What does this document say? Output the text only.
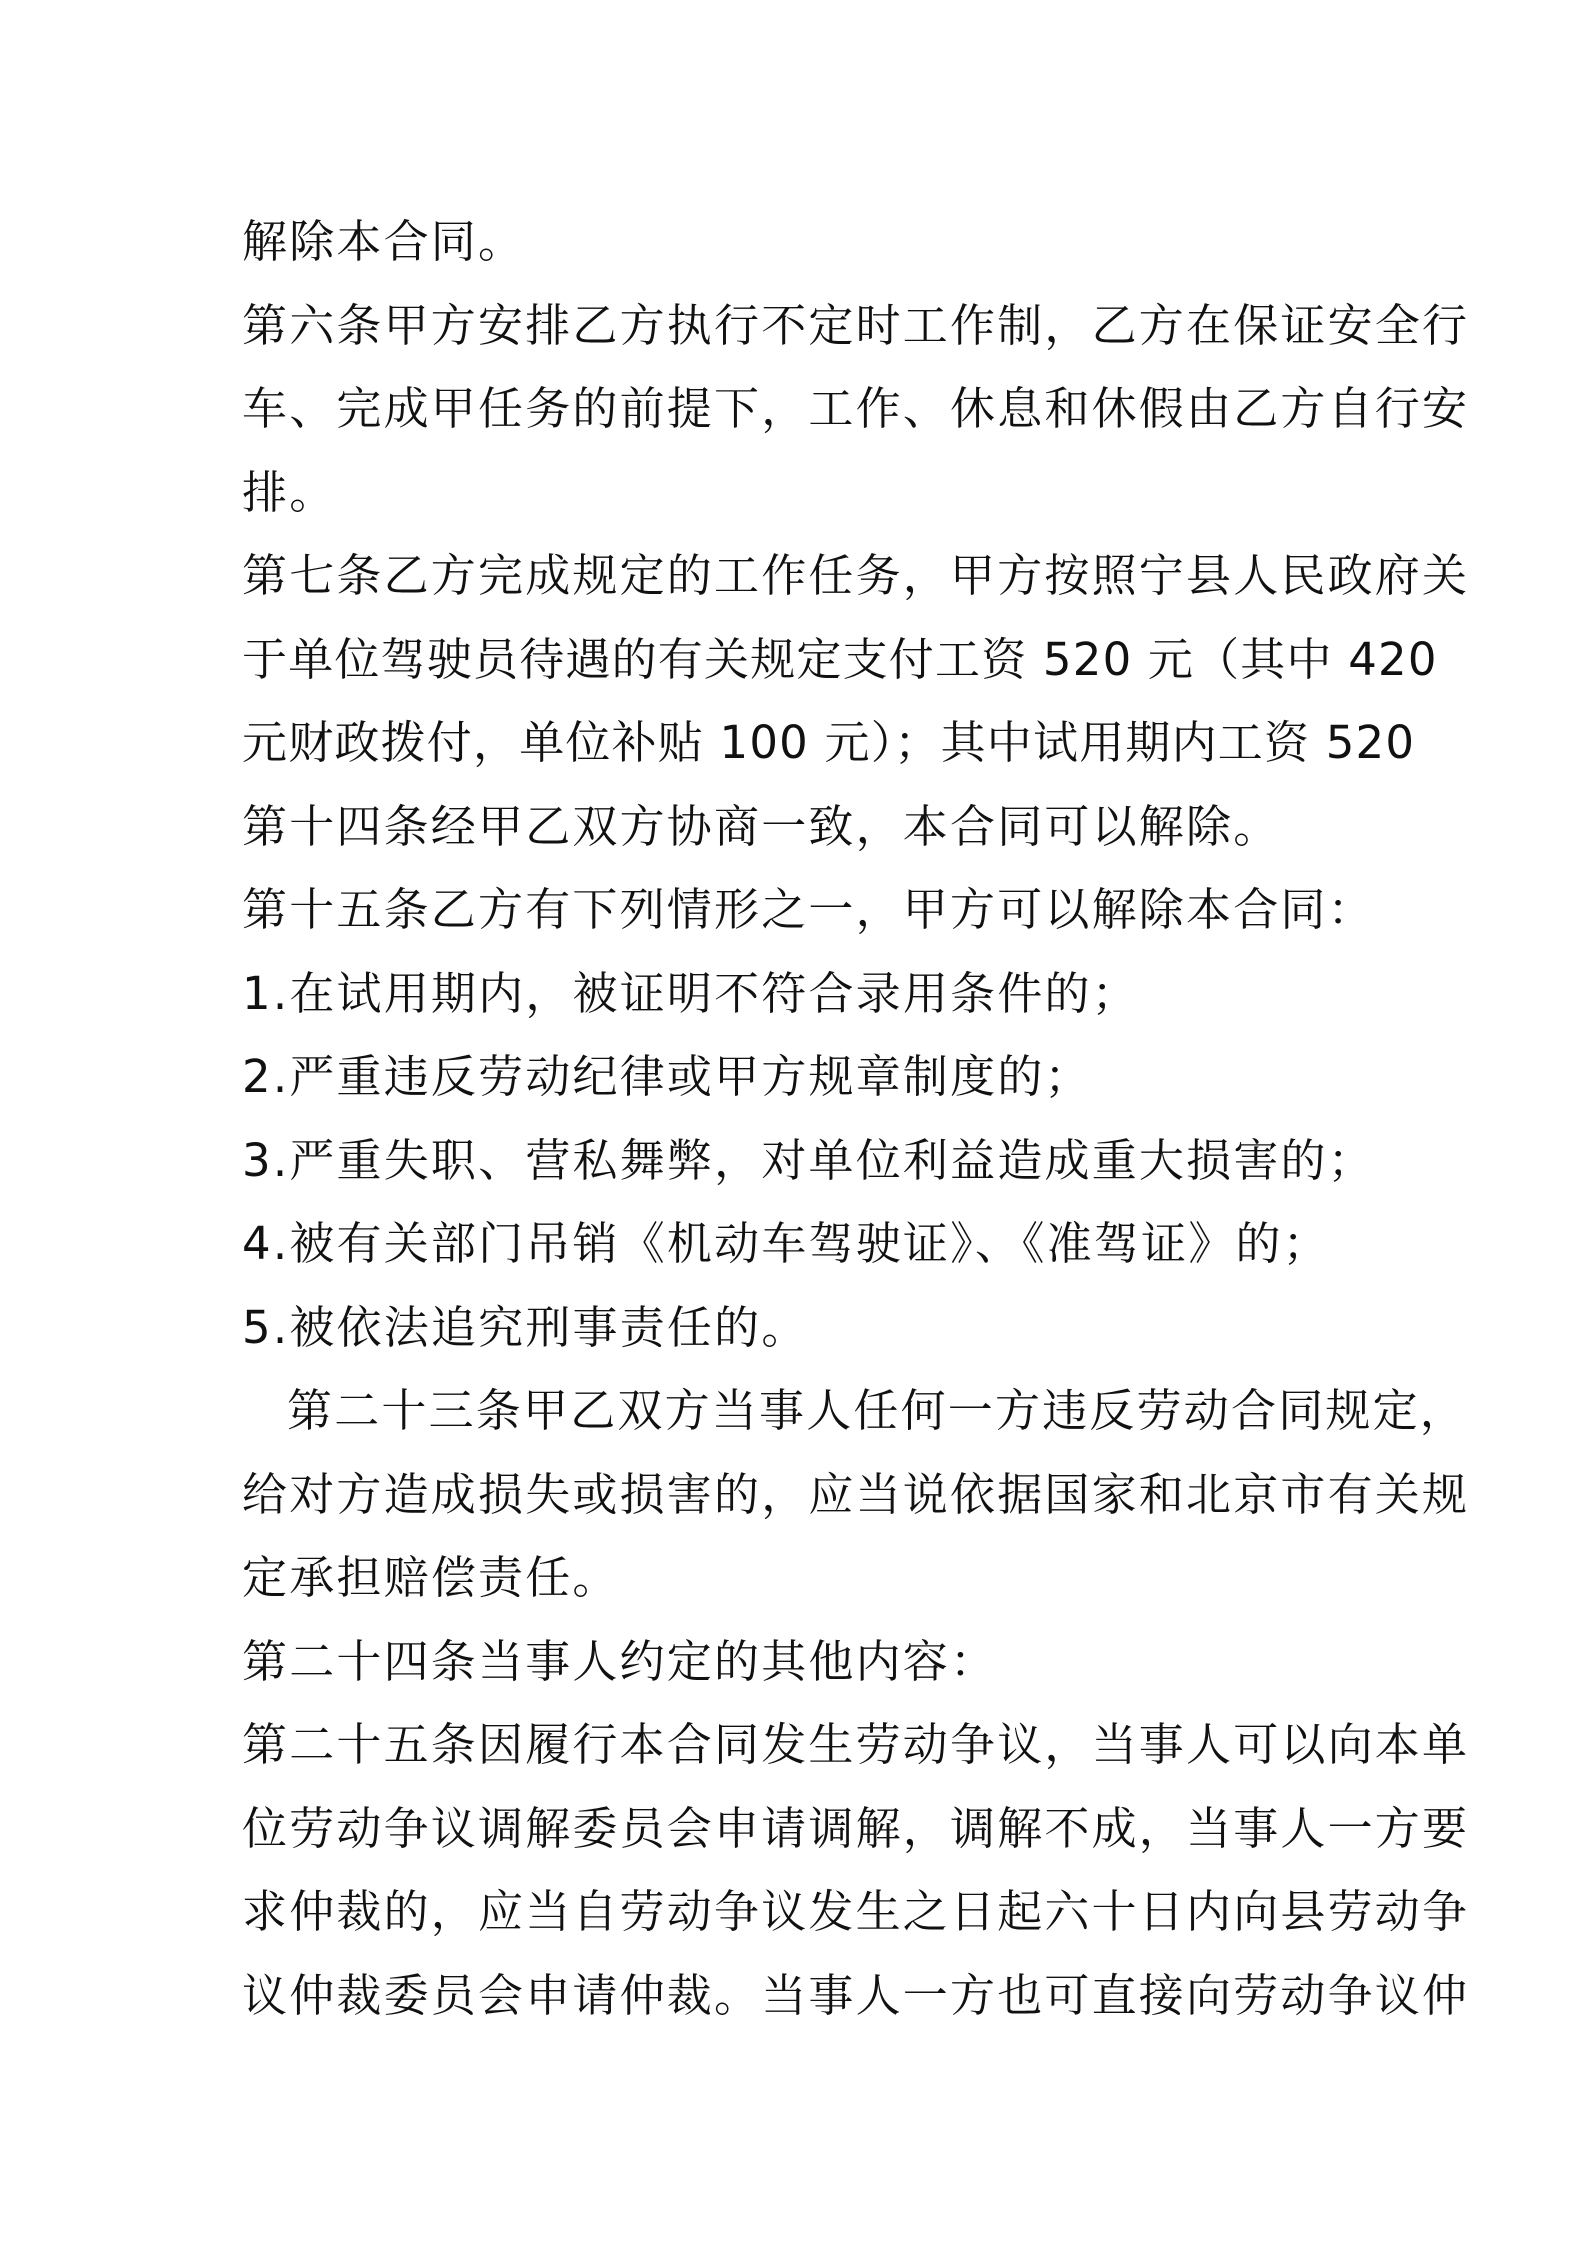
解除本合同。
第六条甲方安排乙方执行不定时工作制，乙方在保证安全行
车、完成甲任务的前提下，工作、休息和休假由乙方自行安
排。
第七条乙方完成规定的工作任务，甲方按照宁县人民政府关
于单位驾驶员待遇的有关规定支付工资 520 元（其中 420
元财政拨付，单位补贴 100 元）；其中试用期内工资 520
第十四条经甲乙双方协商一致，本合同可以解除。
第十五条乙方有下列情形之一，甲方可以解除本合同：
1.在试用期内，被证明不符合录用条件的；
2.严重违反劳动纪律或甲方规章制度的；
3.严重失职、营私舞弊，对单位利益造成重大损害的；
4.被有关部门吊销《机动车驾驶证》、《准驾证》的；
5.被依法追究刑事责任的。
第二十三条甲乙双方当事人任何一方违反劳动合同规定，
给对方造成损失或损害的，应当说依据国家和北京市有关规
定承担赔偿责任。
第二十四条当事人约定的其他内容：
第二十五条因履行本合同发生劳动争议，当事人可以向本单
位劳动争议调解委员会申请调解，调解不成，当事人一方要
求仲裁的，应当自劳动争议发生之日起六十日内向县劳动争
议仲裁委员会申请仲裁。当事人一方也可直接向劳动争议仲
